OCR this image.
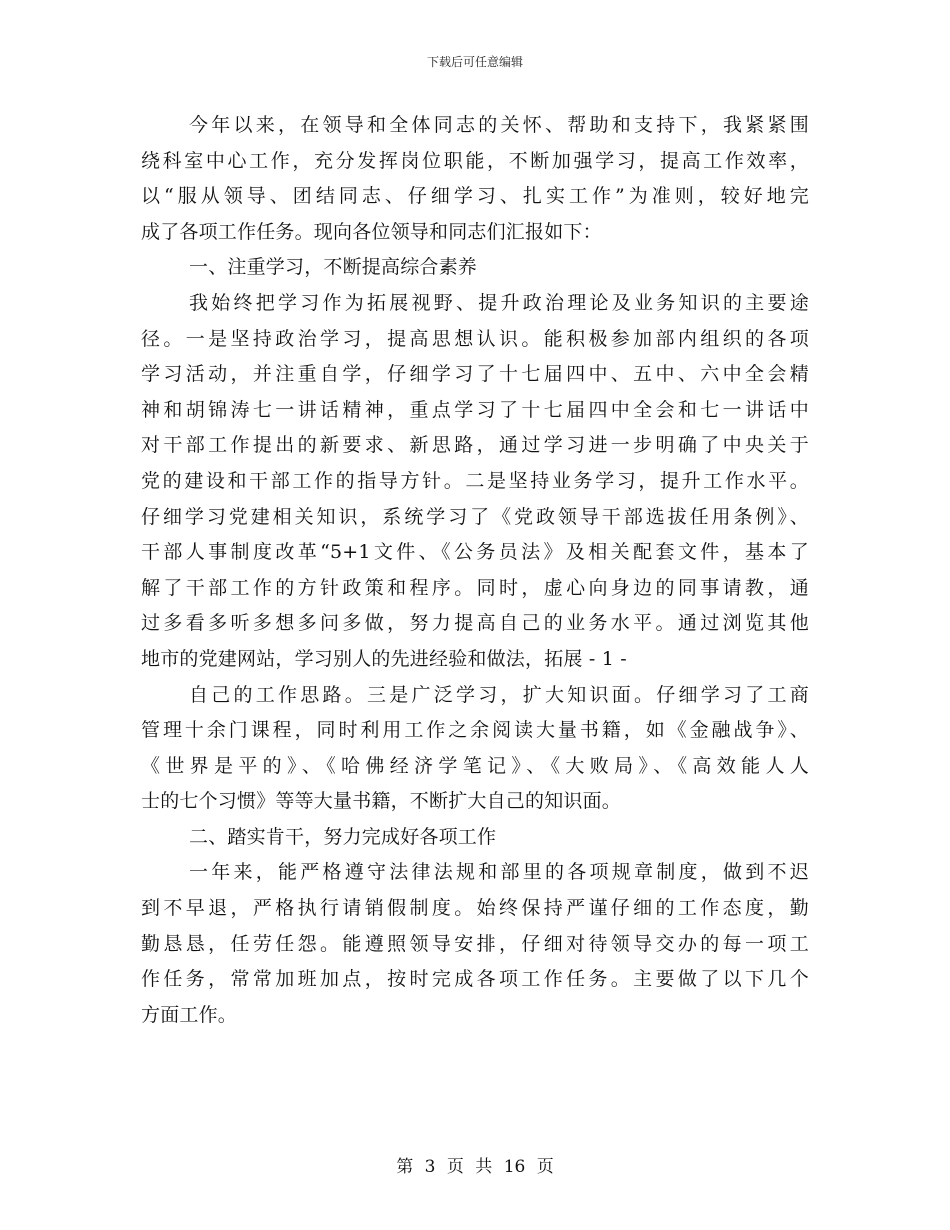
下载后可任意编辑
今年以来，在领导和全体同志的关怀、帮助和支持下，我紧紧围
绕科室中心工作，充分发挥岗位职能，不断加强学习，提高工作效率，
以“服从领导、团结同志、仔细学习、扎实工作”为准则，较好地完
成了各项工作任务。现向各位领导和同志们汇报如下：
一、注重学习，不断提高综合素养
我始终把学习作为拓展视野、提升政治理论及业务知识的主要途
径。一是坚持政治学习，提高思想认识。能积极参加部内组织的各项
学习活动，并注重自学，仔细学习了十七届四中、五中、六中全会精
神和胡锦涛七一讲话精神，重点学习了十七届四中全会和七一讲话中
对干部工作提出的新要求、新思路，通过学习进一步明确了中央关于
党的建设和干部工作的指导方针。二是坚持业务学习，提升工作水平。
仔细学习党建相关知识，系统学习了《党政领导干部选拔任用条例》、
干部人事制度改革“5+1文件、《公务员法》及相关配套文件，基本了
解了干部工作的方针政策和程序。同时，虚心向身边的同事请教，通
过多看多听多想多问多做，努力提高自己的业务水平。通过浏览其他
地市的党建网站，学习别人的先进经验和做法，拓展 - 1 -
自己的工作思路。三是广泛学习，扩大知识面。仔细学习了工商
管理十余门课程，同时利用工作之余阅读大量书籍，如《金融战争》、
《世界是平的》、《哈佛经济学笔记》、《大败局》、《高效能人人
士的七个习惯》等等大量书籍，不断扩大自己的知识面。
二、踏实肯干，努力完成好各项工作
一年来，能严格遵守法律法规和部里的各项规章制度，做到不迟
到不早退，严格执行请销假制度。始终保持严谨仔细的工作态度，勤
勤恳恳，任劳任怨。能遵照领导安排，仔细对待领导交办的每一项工
作任务，常常加班加点，按时完成各项工作任务。主要做了以下几个
方面工作。
第 3 页 共 16 页
